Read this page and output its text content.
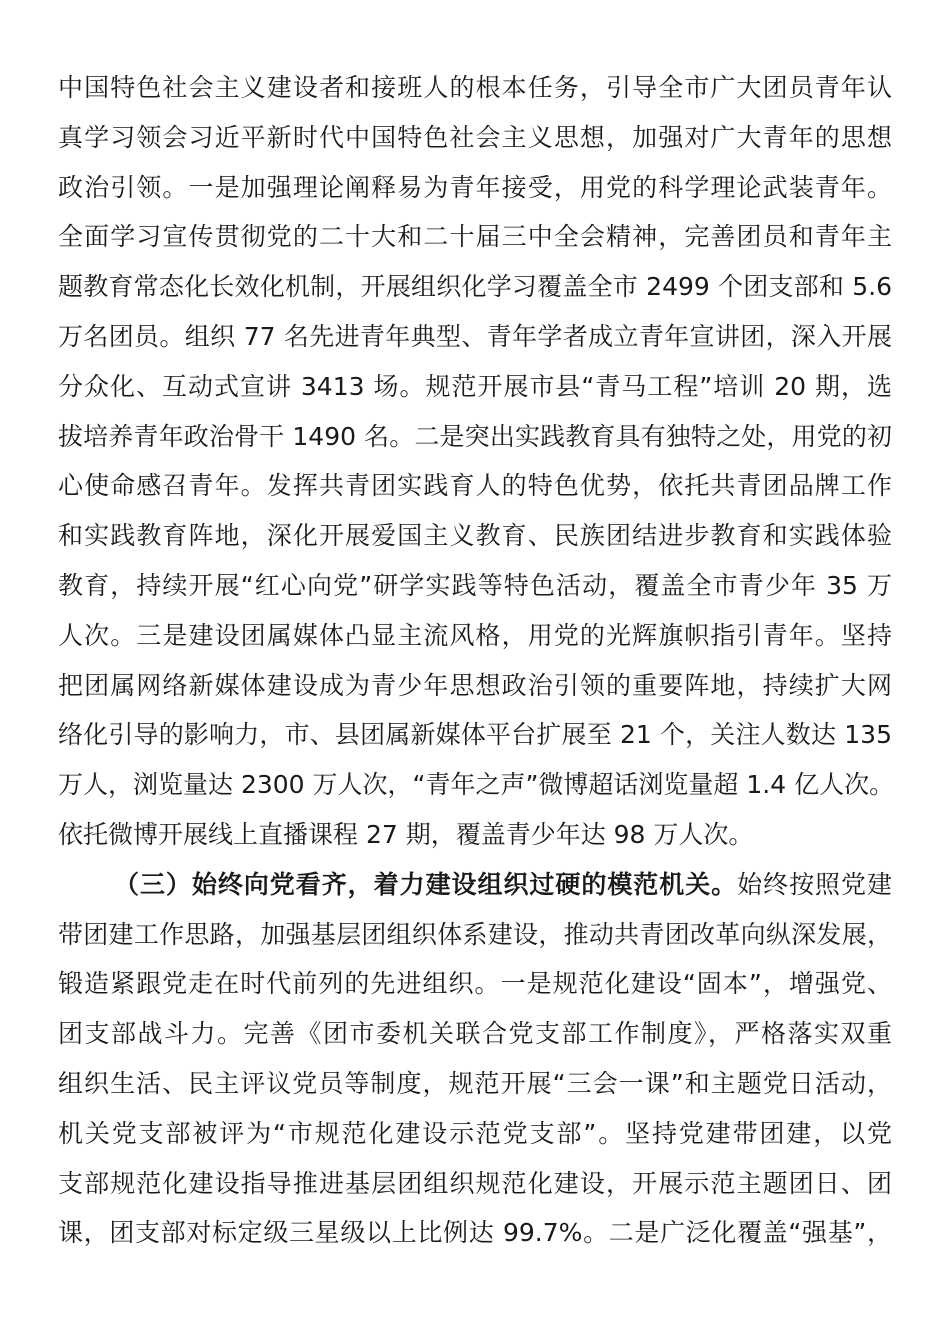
中国特色社会主义建设者和接班人的根本任务，引导全市广大团员青年认
真学习领会习近平新时代中国特色社会主义思想，加强对广大青年的思想
政治引领。一是加强理论阐释易为青年接受，用党的科学理论武装青年。
全面学习宣传贯彻党的二十大和二十届三中全会精神，完善团员和青年主
题教育常态化长效化机制，开展组织化学习覆盖全市 2499 个团支部和 5.6
万名团员。组织 77 名先进青年典型、青年学者成立青年宣讲团，深入开展
分众化、互动式宣讲 3413 场。规范开展市县“青马工程”培训 20 期，选
拔培养青年政治骨干 1490 名。二是突出实践教育具有独特之处，用党的初
心使命感召青年。发挥共青团实践育人的特色优势，依托共青团品牌工作
和实践教育阵地，深化开展爱国主义教育、民族团结进步教育和实践体验
教育，持续开展“红心向党”研学实践等特色活动，覆盖全市青少年 35 万
人次。三是建设团属媒体凸显主流风格，用党的光辉旗帜指引青年。坚持
把团属网络新媒体建设成为青少年思想政治引领的重要阵地，持续扩大网
络化引导的影响力，市、县团属新媒体平台扩展至 21 个，关注人数达 135
万人，浏览量达 2300 万人次，“青年之声”微博超话浏览量超 1.4 亿人次。
依托微博开展线上直播课程 27 期，覆盖青少年达 98 万人次。
（三）始终向党看齐，着力建设组织过硬的模范机关。始终按照党建
带团建工作思路，加强基层团组织体系建设，推动共青团改革向纵深发展，
锻造紧跟党走在时代前列的先进组织。一是规范化建设“固本”，增强党、
团支部战斗力。完善《团市委机关联合党支部工作制度》，严格落实双重
组织生活、民主评议党员等制度，规范开展“三会一课”和主题党日活动，
机关党支部被评为“市规范化建设示范党支部”。坚持党建带团建，以党
支部规范化建设指导推进基层团组织规范化建设，开展示范主题团日、团
课，团支部对标定级三星级以上比例达 99.7%。二是广泛化覆盖“强基”，
